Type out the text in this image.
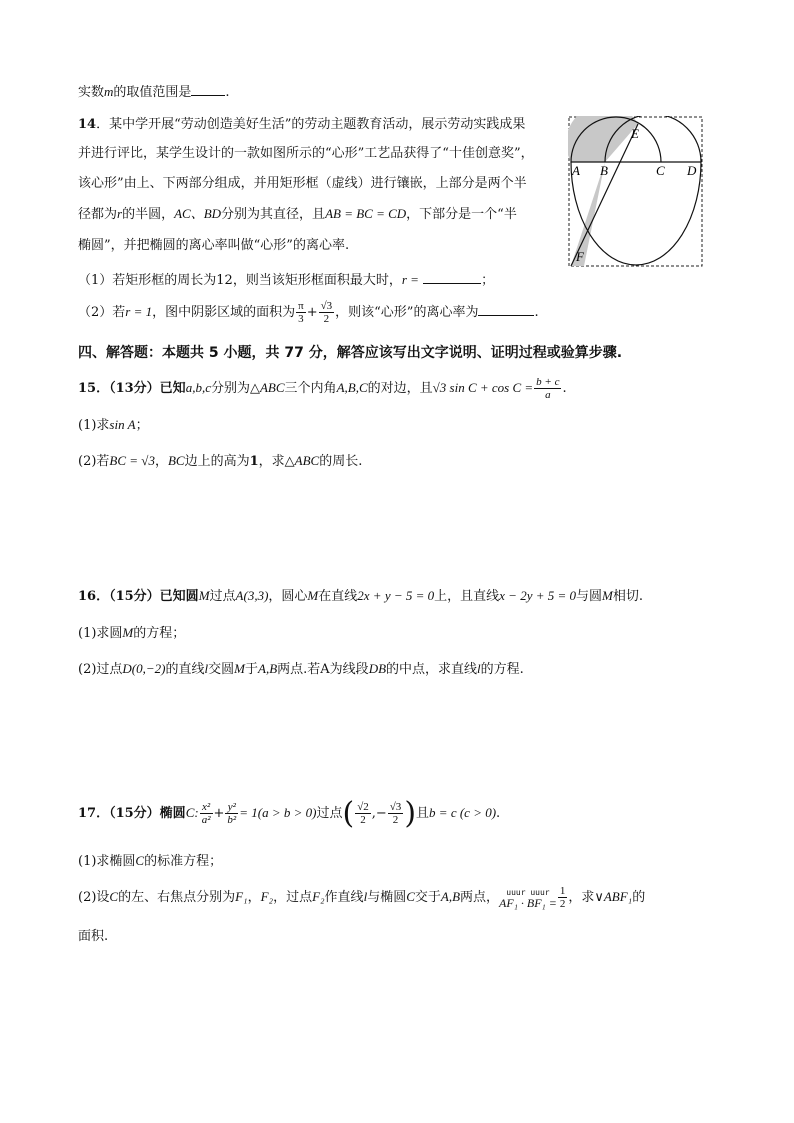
实数m的取值范围是	.
14．某中学开展“劳动创造美好生活”的劳动主题教育活动，展示劳动实践成果
并进行评比，某学生设计的一款如图所示的“心形”工艺品获得了“十佳创意奖”，
该心形”由上、下两部分组成，并用矩形框（虚线）进行镶嵌，上部分是两个半
径都为r的半圆，AC、BD分别为其直径，且AB = BC = CD，下部分是一个“半
椭圆”，并把椭圆的离心率叫做“心形”的离心率.
（1）若矩形框的周长为12，则当该矩形框面积最大时，r =	；
（2）若r = 1，图中阴影区域的面积为 $\frac{\pi}{3} + \frac{√3}{2}$ ，则该“心形”的离心率为	.
A B	C D
E
F
四、解答题：本题共 5 小题，共 77 分，解答应该写出文字说明、证明过程或验算步骤.
15．（13分）已知a,b,c分别为△ABC三个内角A,B,C的对边，且√3 $\sin C + \cos C = \frac{b + c}{a}$ .
(1)求sin A；
(2)若BC = √3，BC边上的高为1，求△ABC的周长.
16．（15分）已知圆M过点A(3,3)，圆心M在直线2x + y − 5 = 0上，且直线x − 2y + 5 = 0与圆M相切.
(1)求圆M的方程；
(2)过点D(0,−2)的直线l交圆M于A,B两点.若A为线段DB的中点，求直线l的方程.
17．（15分）椭圆C: $\frac{\text{x²}}{\text{a²}} + \frac{\text{y²}}{\text{b²}} = 1(a > b > 0)$过点( $\frac{√2}{2}$ ,− $\frac{√3}{2}$ )且b = c (c > 0).
(1)求椭圆C的标准方程；
(2)设C的左、右焦点分别为F₁，F₂，过点F₂作直线l与椭圆C交于A,B两点， uuur uuur
$AF_1 \cdot BF_1 = \frac{1}{2}$ ，求∨ABF₁的
面积.
